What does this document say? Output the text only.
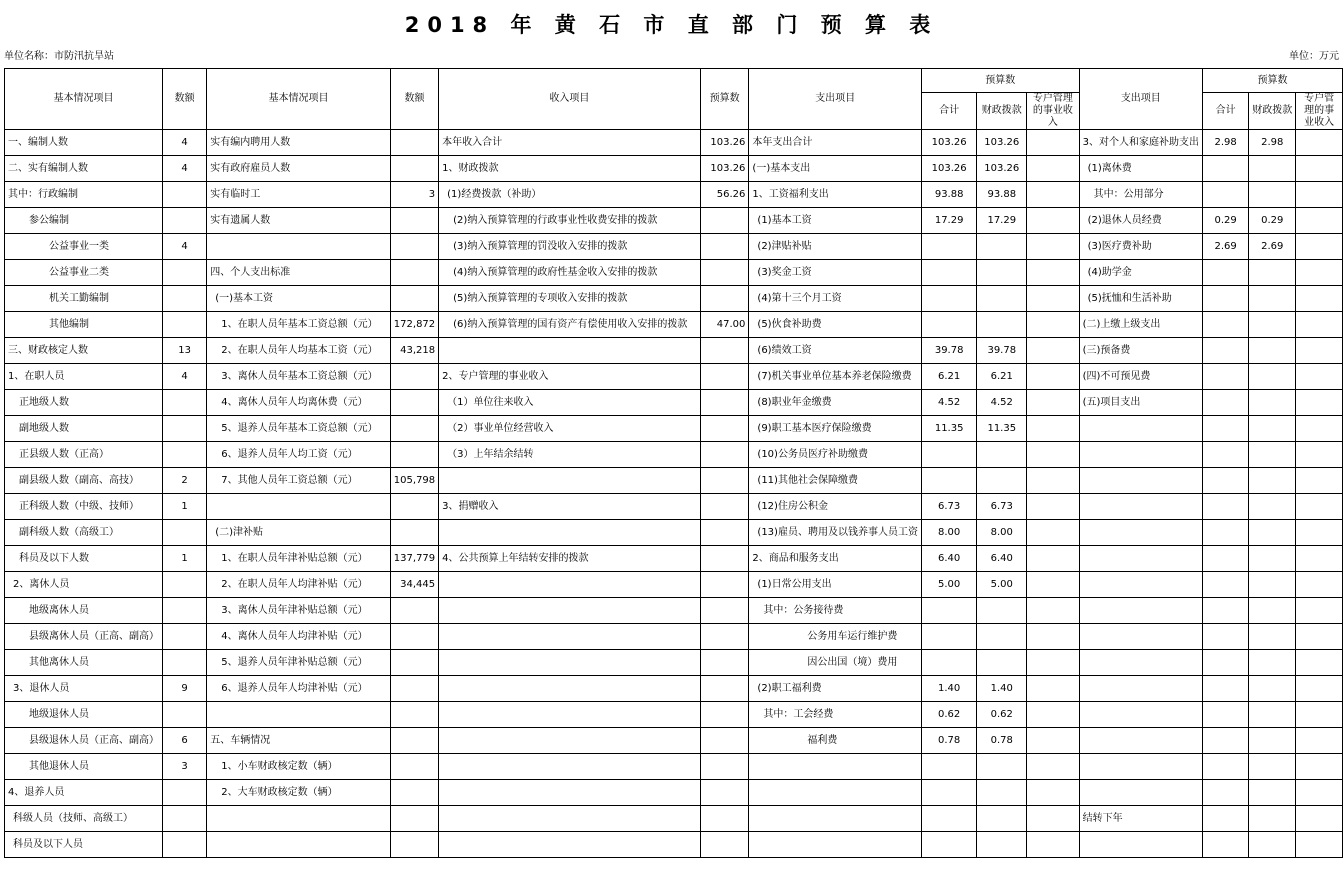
2018 年 黄 石 市 直 部 门 预 算 表
单位名称：市防汛抗旱站	单位：万元
基本情况项目	数额	基本情况项目	数额	收入项目	预算数	支出项目	预算数			支出项目	预算数		
							合计	财政拨款	专户管理的事业收入		合计	财政拨款	专户管理的事业收入

一、编制人数	4	实有编内聘用人数		本年收入合计	103.26	本年支出合计	103.26	103.26		3、对个人和家庭补助支出	2.98	2.98	
二、实有编制人数	4	实有政府雇员人数		1、财政拨款	103.26	(一)基本支出	103.26	103.26		(1)离休费			
其中：行政编制		实有临时工	3	(1)经费拨款（补助）	56.26	1、工资福利支出	93.88	93.88		其中：公用部分			
参公编制		实有遗属人数		(2)纳入预算管理的行政事业性收费安排的拨款		(1)基本工资	17.29	17.29		(2)退休人员经费	0.29	0.29	
公益事业一类	4			(3)纳入预算管理的罚没收入安排的拨款		(2)津贴补贴				(3)医疗费补助	2.69	2.69	
公益事业二类		四、个人支出标准		(4)纳入预算管理的政府性基金收入安排的拨款		(3)奖金工资				(4)助学金			
机关工勤编制		(一)基本工资		(5)纳入预算管理的专项收入安排的拨款		(4)第十三个月工资				(5)抚恤和生活补助			
其他编制		1、在职人员年基本工资总额（元）	172,872	(6)纳入预算管理的国有资产有偿使用收入安排的拨款	47.00	(5)伙食补助费				(二)上缴上级支出			
三、财政核定人数	13	2、在职人员年人均基本工资（元）	43,218			(6)绩效工资	39.78	39.78		(三)预备费			
1、在职人员	4	3、离休人员年基本工资总额（元）		2、专户管理的事业收入		(7)机关事业单位基本养老保险缴费	6.21	6.21		(四)不可预见费			
正地级人数		4、离休人员年人均离休费（元）		（1）单位往来收入		(8)职业年金缴费	4.52	4.52		(五)项目支出			
副地级人数		5、退养人员年基本工资总额（元）		（2）事业单位经营收入		(9)职工基本医疗保险缴费	11.35	11.35					
正县级人数（正高）		6、退养人员年人均工资（元）		（3）上年结余结转		(10)公务员医疗补助缴费							
副县级人数（副高、高技）	2	7、其他人员年工资总额（元）	105,798			(11)其他社会保障缴费							
正科级人数（中级、技师）	1			3、捐赠收入		(12)住房公积金	6.73	6.73					
副科级人数（高级工）		(二)津补贴				(13)雇员、聘用及以钱养事人员工资	8.00	8.00					
科员及以下人数	1	1、在职人员年津补贴总额（元）	137,779	4、公共预算上年结转安排的拨款		2、商品和服务支出	6.40	6.40					
2、离休人员		2、在职人员年人均津补贴（元）	34,445			(1)日常公用支出	5.00	5.00					
地级离休人员		3、离休人员年津补贴总额（元）				其中：公务接待费							
县级离休人员（正高、副高）		4、离休人员年人均津补贴（元）				公务用车运行维护费							
其他离休人员		5、退养人员年津补贴总额（元）				因公出国（境）费用							
3、退休人员	9	6、退养人员年人均津补贴（元）				(2)职工福利费	1.40	1.40					
地级退休人员						其中：工会经费	0.62	0.62					
县级退休人员（正高、副高）	6	五、车辆情况				福利费	0.78	0.78					
其他退休人员	3	1、小车财政核定数（辆）											
4、退养人员		2、大车财政核定数（辆）											
科级人员（技师、高级工）										结转下年			
科员及以下人员													
